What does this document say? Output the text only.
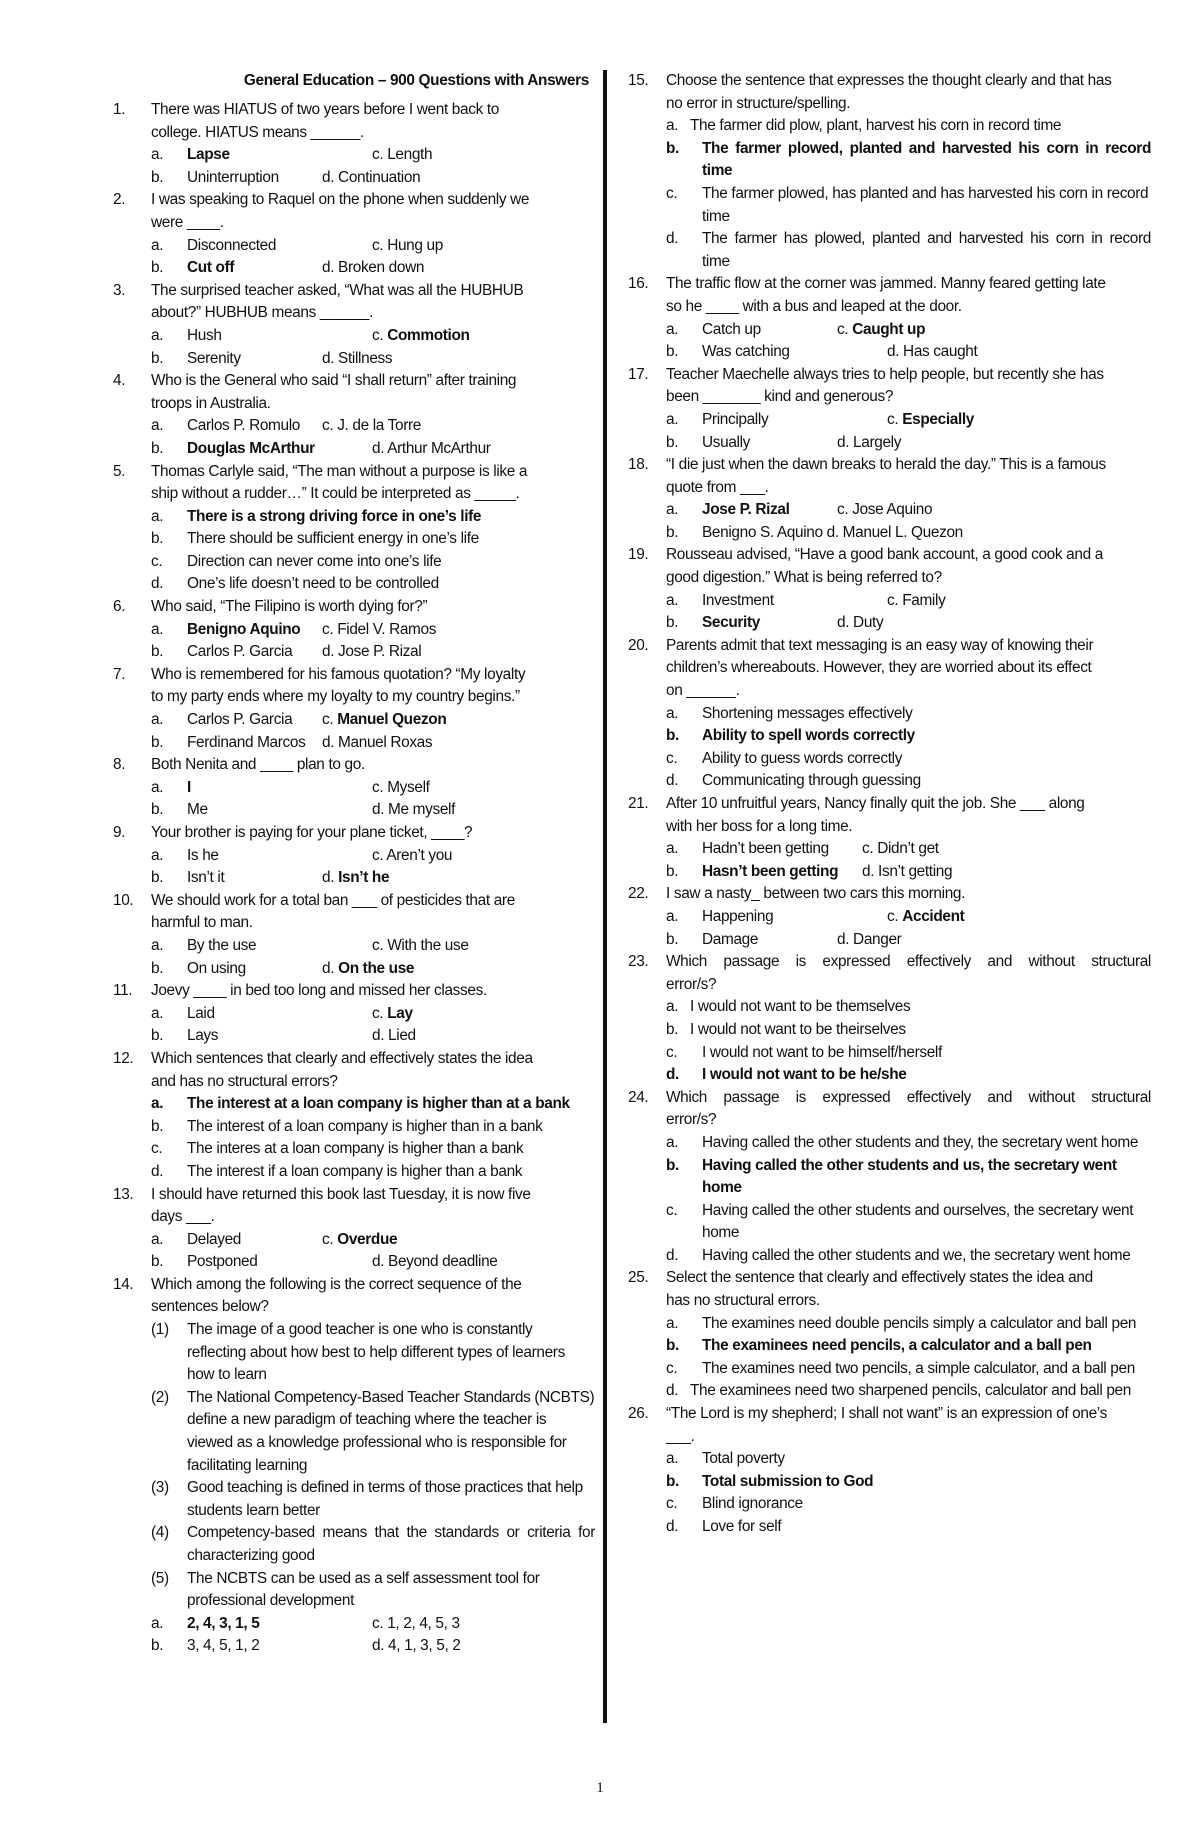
General Education – 900 Questions with Answers
1. There was HIATUS of two years before I went back to
college. HIATUS means ______.
a.	Lapse	c. Length
b.	Uninterruption	d. Continuation
2. I was speaking to Raquel on the phone when suddenly we
were ____.
a.	Disconnected	c. Hung up
b.	Cut off	d. Broken down
3. The surprised teacher asked, “What was all the HUBHUB
about?” HUBHUB means ______.
a.	Hush	c.
Commotion
b.	Serenity	d. Stillness
4. Who is the General who said “I shall return” after training
troops in Australia.
a.	Carlos P. Romulo c. J. de la Torre
b.	Douglas McArthur	d. Arthur McArthur
5. Thomas Carlyle said, “The man without a purpose is like a
ship without a rudder…” It could be interpreted as _____.
a. There is a strong driving force in one’s life
b. There should be sufficient energy in one’s life
c. Direction can never come into one’s life
d. One’s life doesn’t need to be controlled
6. Who said, “The Filipino is worth dying for?”
a.	Benigno Aquino c. Fidel V. Ramos
b.	Carlos P. Garcia d. Jose P. Rizal
7. Who is remembered for his famous quotation? “My loyalty
to my party ends where my loyalty to my country begins.”
a.	Carlos P. Garcia c.
Manuel Quezon
b.	Ferdinand Marcos d. Manuel Roxas
8. Both Nenita and ____ plan to go.
a.	I	c. Myself
b.	Me	d. Me myself
9. Your brother is paying for your plane ticket, ____?
a.	Is he	c. Aren’t you
b.	Isn’t it	d.
Isn’t he
10. We should work for a total ban ___ of pesticides that are
harmful to man.
a.	By the use	c. With the use
b.	On using	d.
On the use
11. Joevy ____ in bed too long and missed her classes.
a.	Laid	c.
Lay
b.	Lays	d. Lied
12. Which sentences that clearly and effectively states the idea
and has no structural errors?
a. The interest at a loan company is higher than at a bank
b. The interest of a loan company is higher than in a bank
c. The interes at a loan company is higher than a bank
d. The interest if a loan company is higher than a bank
13. I should have returned this book last Tuesday, it is now five
days ___.
a.	Delayed	c.
Overdue
b.	Postponed	d. Beyond deadline
14. Which among the following is the correct sequence of the
sentences below?
(1) The image of a good teacher is one who is constantly reflecting about how best to help different types of learners how to learn
(2) The National Competency-Based Teacher Standards (NCBTS) define a new paradigm of teaching where the teacher is viewed as a knowledge professional who is responsible for facilitating learning
(3) Good teaching is defined in terms of those practices that help students learn better
(4) Competency-based means that the standards or criteria for characterizing good
(5) The NCBTS can be used as a self assessment tool for professional development
a.	2, 4, 3, 1, 5	c. 1, 2, 4, 5, 3
b.	3, 4, 5, 1, 2	d. 4, 1, 3, 5, 2
15. Choose the sentence that expresses the thought clearly and that has
no error in structure/spelling.
a. The farmer did plow, plant, harvest his corn in record time
b. The farmer plowed, planted and harvested his corn in record time
c. The farmer plowed, has planted and has harvested his corn in record time
d. The farmer has plowed, planted and harvested his corn in record time
16. The traffic flow at the corner was jammed. Manny feared getting late
so he ____ with a bus and leaped at the door.
a.	Catch up	c.
Caught up
b.	Was catching	d. Has caught
17. Teacher Maechelle always tries to help people, but recently she has
been _______ kind and generous?
a.	Principally	c.
Especially
b.	Usually	d. Largely
18. “I die just when the dawn breaks to herald the day.” This is a famous
quote from ___.
a.	Jose P. Rizal	c. Jose Aquino
b.	Benigno S. Aquino d. Manuel L. Quezon
19. Rousseau advised, “Have a good bank account, a good cook and a
good digestion.” What is being referred to?
a.	Investment	c. Family
b.	Security	d. Duty
20. Parents admit that text messaging is an easy way of knowing their
children’s whereabouts. However, they are worried about its effect
on ______.
a. Shortening messages effectively
b. Ability to spell words correctly
c. Ability to guess words correctly
d. Communicating through guessing
21. After 10 unfruitful years, Nancy finally quit the job. She ___ along
with her boss for a long time.
a.	Hadn’t been getting c. Didn’t get
b.	Hasn’t been getting d. Isn’t getting
22. I saw a nasty_ between two cars this morning.
a.	Happening	c.
Accident
b.	Damage	d. Danger
23. Which passage is expressed effectively and without structural
error/s?
a. I would not want to be themselves
b. I would not want to be theirselves
c. I would not want to be himself/herself
d. I would not want to be he/she
24. Which passage is expressed effectively and without structural
error/s?
a. Having called the other students and they, the secretary went home
b. Having called the other students and us, the secretary went home
c. Having called the other students and ourselves, the secretary went home
d. Having called the other students and we, the secretary went home
25. Select the sentence that clearly and effectively states the idea and
has no structural errors.
a. The examines need double pencils simply a calculator and ball pen
b. The examinees need pencils, a calculator and a ball pen
c. The examines need two pencils, a simple calculator, and a ball pen
d. The examinees need two sharpened pencils, calculator and ball pen
26. “The Lord is my shepherd; I shall not want” is an expression of one’s
___.
a. Total poverty
b. Total submission to God
c. Blind ignorance
d. Love for self
1
